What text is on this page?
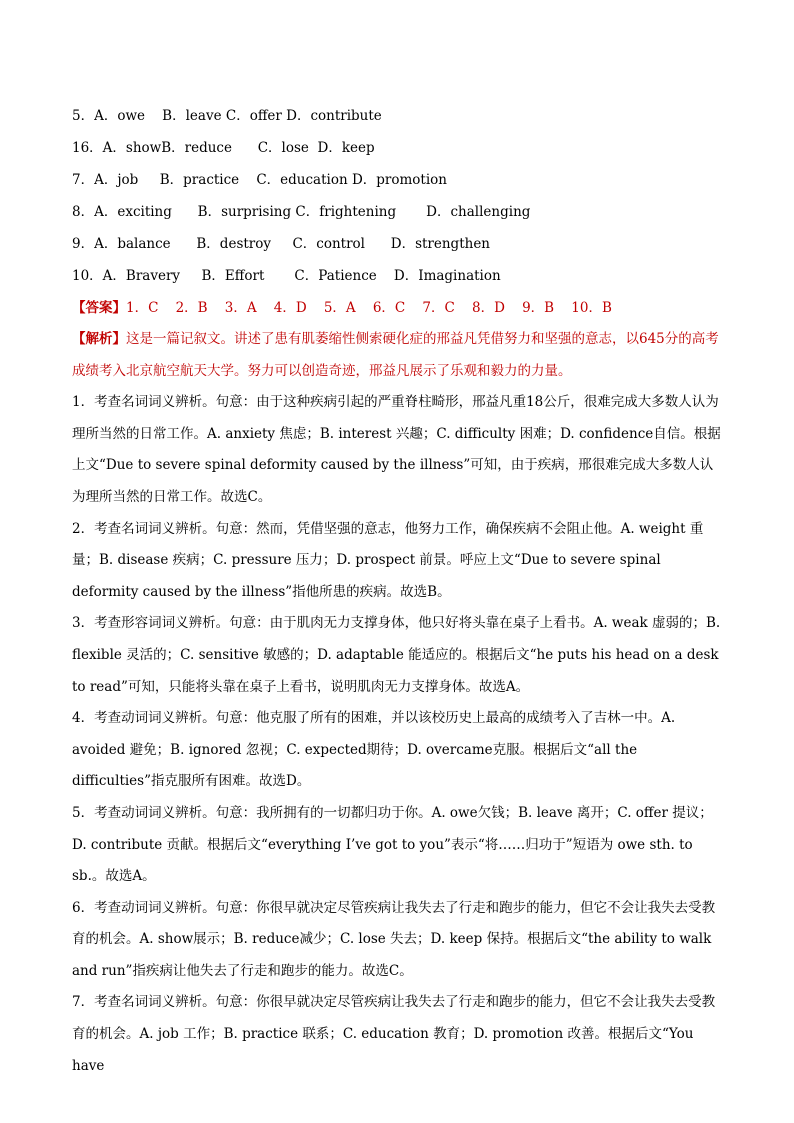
5．A．owe    B．leave C．offer D．contribute
16．A．showB．reduce      C．lose  D．keep
7．A．job     B．practice    C．education D．promotion
8．A．exciting      B．surprising C．frightening       D．challenging
9．A．balance      B．destroy     C．control      D．strengthen
10．A．Bravery     B．Effort       C．Patience    D．Imagination
【答案】1．C    2．B    3．A    4．D    5．A    6．C    7．C    8．D    9．B    10．B

【解析】这是一篇记叙文。讲述了患有肌萎缩性侧索硬化症的邢益凡凭借努力和坚强的意志，以645分的高考成绩考入北京航空航天大学。努力可以创造奇迹，邢益凡展示了乐观和毅力的力量。

1．考查名词词义辨析。句意：由于这种疾病引起的严重脊柱畸形，邢益凡重18公斤，很难完成大多数人认为理所当然的日常工作。A. anxiety 焦虑；B. interest 兴趣；C. difficulty 困难；D. confidence自信。根据上文“Due to severe spinal deformity caused by the illness”可知，由于疾病，邢很难完成大多数人认为理所当然的日常工作。故选C。

2．考查名词词义辨析。句意：然而，凭借坚强的意志，他努力工作，确保疾病不会阻止他。A. weight 重量；B. disease 疾病；C. pressure 压力；D. prospect 前景。呼应上文“Due to severe spinal deformity caused by the illness”指他所患的疾病。故选B。

3．考查形容词词义辨析。句意：由于肌肉无力支撑身体，他只好将头靠在桌子上看书。A. weak 虚弱的；B. flexible 灵活的；C. sensitive 敏感的；D. adaptable 能适应的。根据后文“he puts his head on a desk to read”可知，只能将头靠在桌子上看书，说明肌肉无力支撑身体。故选A。

4．考查动词词义辨析。句意：他克服了所有的困难，并以该校历史上最高的成绩考入了吉林一中。A. avoided 避免；B. ignored 忽视；C. expected期待；D. overcame克服。根据后文“all the difficulties”指克服所有困难。故选D。

5．考查动词词义辨析。句意：我所拥有的一切都归功于你。A. owe欠钱；B. leave 离开；C. offer 提议；D. contribute 贡献。根据后文“everything I’ve got to you”表示“将……归功于”短语为 owe sth. to sb.。故选A。

6．考查动词词义辨析。句意：你很早就决定尽管疾病让我失去了行走和跑步的能力，但它不会让我失去受教育的机会。A. show展示；B. reduce减少；C. lose 失去；D. keep 保持。根据后文“the ability to walk and run”指疾病让他失去了行走和跑步的能力。故选C。

7．考查名词词义辨析。句意：你很早就决定尽管疾病让我失去了行走和跑步的能力，但它不会让我失去受教育的机会。A. job 工作；B. practice 联系；C. education 教育；D. promotion 改善。根据后文“You have
